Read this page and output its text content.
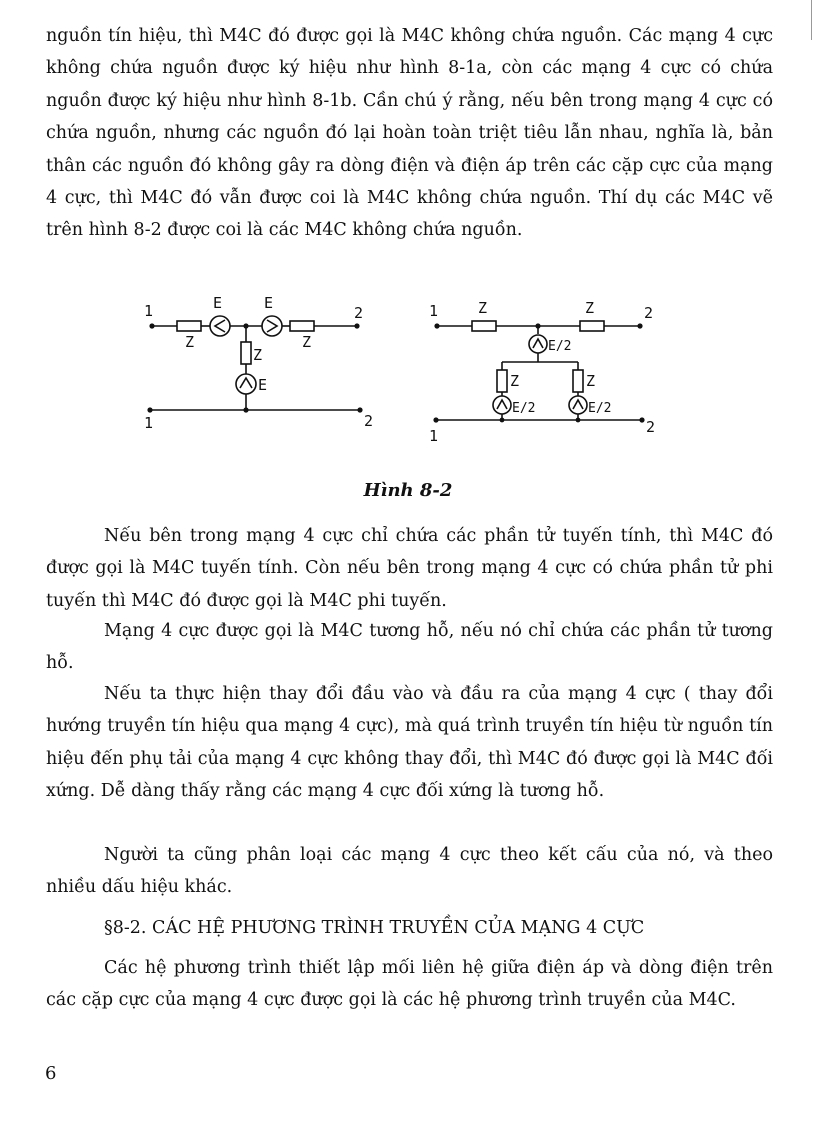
nguồn tín hiệu, thì M4C đó được gọi là M4C không chứa nguồn. Các mạng 4 cực không chứa nguồn được ký hiệu như hình 8-1a, còn các mạng 4 cực có chứa nguồn được ký hiệu như hình 8-1b. Cần chú ý rằng, nếu bên trong mạng 4 cực có chứa nguồn, nhưng các nguồn đó lại hoàn toàn triệt tiêu lẫn nhau, nghĩa là, bản thân các nguồn đó không gây ra dòng điện và điện áp trên các cặp cực của mạng 4 cực, thì M4C đó vẫn được coi là M4C không chứa nguồn. Thí dụ các M4C vẽ trên hình 8-2 được coi là các M4C không chứa nguồn.

1	2
E	E
Z	Z
Z
E
1	2
1	2
Z	Z
E/2
Z	Z
E/2	E/2
1	2
Hình 8-2

Nếu bên trong mạng 4 cực chỉ chứa các phần tử tuyến tính, thì M4C đó được gọi là M4C tuyến tính. Còn nếu bên trong mạng 4 cực có chứa phần tử phi tuyến thì M4C đó được gọi là M4C phi tuyến.

Mạng 4 cực được gọi là M4C tương hỗ, nếu nó chỉ chứa các phần tử tương hỗ.

Nếu ta thực hiện thay đổi đầu vào và đầu ra của mạng 4 cực ( thay đổi hướng truyền tín hiệu qua mạng 4 cực), mà quá trình truyền tín hiệu từ nguồn tín hiệu đến phụ tải của mạng 4 cực không thay đổi, thì M4C đó được gọi là M4C đối xứng. Dễ dàng thấy rằng các mạng 4 cực đối xứng là tương hỗ.

Người ta cũng phân loại các mạng 4 cực theo kết cấu của nó, và theo nhiều dấu hiệu khác.

§8-2. CÁC HỆ PHƯƠNG TRÌNH TRUYỀN CỦA MẠNG 4 CỰC

Các hệ phương trình thiết lập mối liên hệ giữa điện áp và dòng điện trên các cặp cực của mạng 4 cực được gọi là các hệ phương trình truyền của M4C.

6
